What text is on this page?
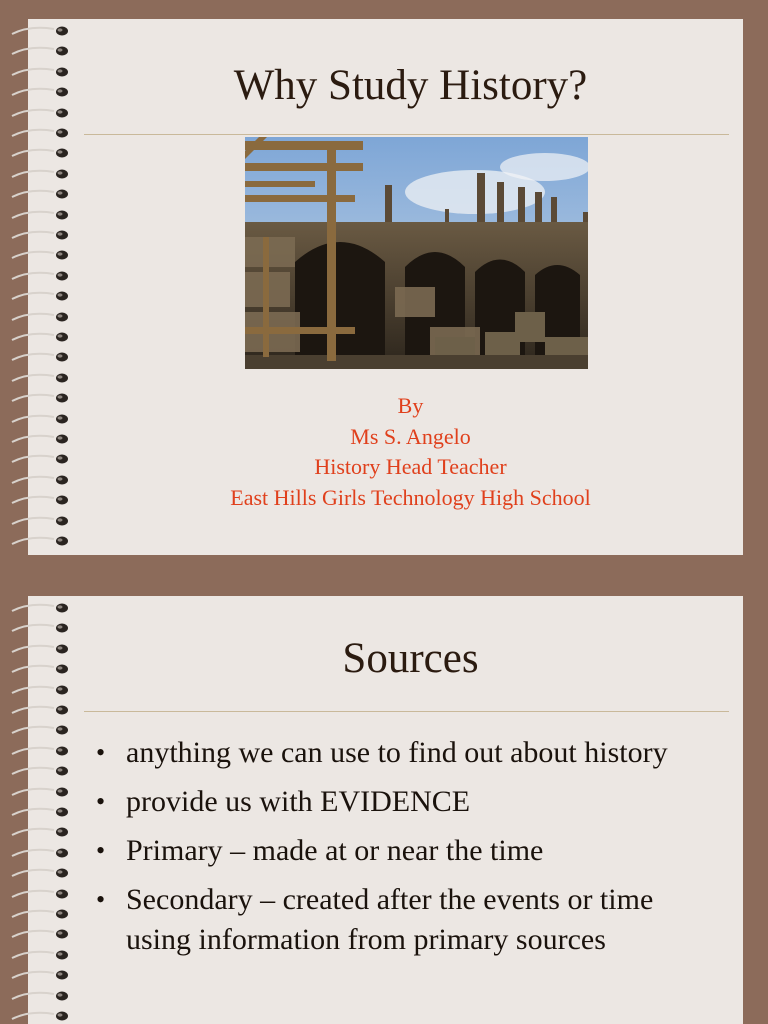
Why Study History?
By
Ms S. Angelo
History Head Teacher
East Hills Girls Technology High School
Sources
• anything we can use to find out about history
• provide us with EVIDENCE
• Primary – made at or near the time
• Secondary – created after the events or time using information from primary sources
